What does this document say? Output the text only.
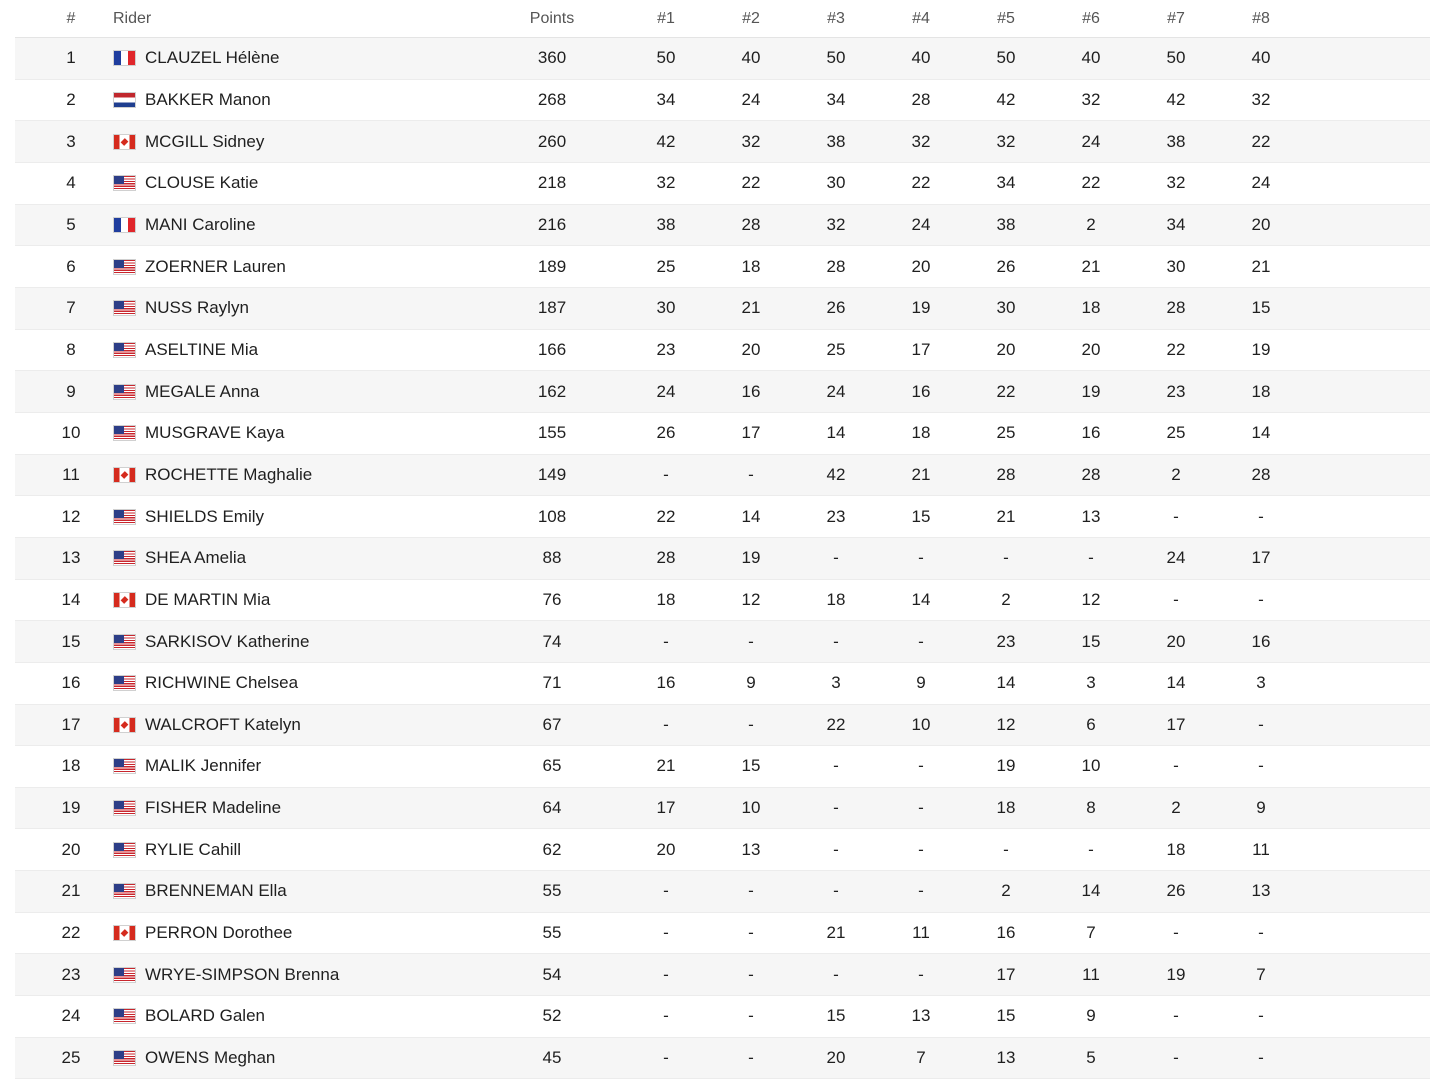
#	Rider	Points	#1	#2	#3	#4	#5	#6	#7	#8
1	CLAUZEL Hélène	360	50	40	50	40	50	40	50	40
2	BAKKER Manon	268	34	24	34	28	42	32	42	32
3	MCGILL Sidney	260	42	32	38	32	32	24	38	22
4	CLOUSE Katie	218	32	22	30	22	34	22	32	24
5	MANI Caroline	216	38	28	32	24	38	2	34	20
6	ZOERNER Lauren	189	25	18	28	20	26	21	30	21
7	NUSS Raylyn	187	30	21	26	19	30	18	28	15
8	ASELTINE Mia	166	23	20	25	17	20	20	22	19
9	MEGALE Anna	162	24	16	24	16	22	19	23	18
10	MUSGRAVE Kaya	155	26	17	14	18	25	16	25	14
11	ROCHETTE Maghalie	149	-	-	42	21	28	28	2	28
12	SHIELDS Emily	108	22	14	23	15	21	13	-	-
13	SHEA Amelia	88	28	19	-	-	-	-	24	17
14	DE MARTIN Mia	76	18	12	18	14	2	12	-	-
15	SARKISOV Katherine	74	-	-	-	-	23	15	20	16
16	RICHWINE Chelsea	71	16	9	3	9	14	3	14	3
17	WALCROFT Katelyn	67	-	-	22	10	12	6	17	-
18	MALIK Jennifer	65	21	15	-	-	19	10	-	-
19	FISHER Madeline	64	17	10	-	-	18	8	2	9
20	RYLIE Cahill	62	20	13	-	-	-	-	18	11
21	BRENNEMAN Ella	55	-	-	-	-	2	14	26	13
22	PERRON Dorothee	55	-	-	21	11	16	7	-	-
23	WRYE-SIMPSON Brenna	54	-	-	-	-	17	11	19	7
24	BOLARD Galen	52	-	-	15	13	15	9	-	-
25	OWENS Meghan	45	-	-	20	7	13	5	-	-
